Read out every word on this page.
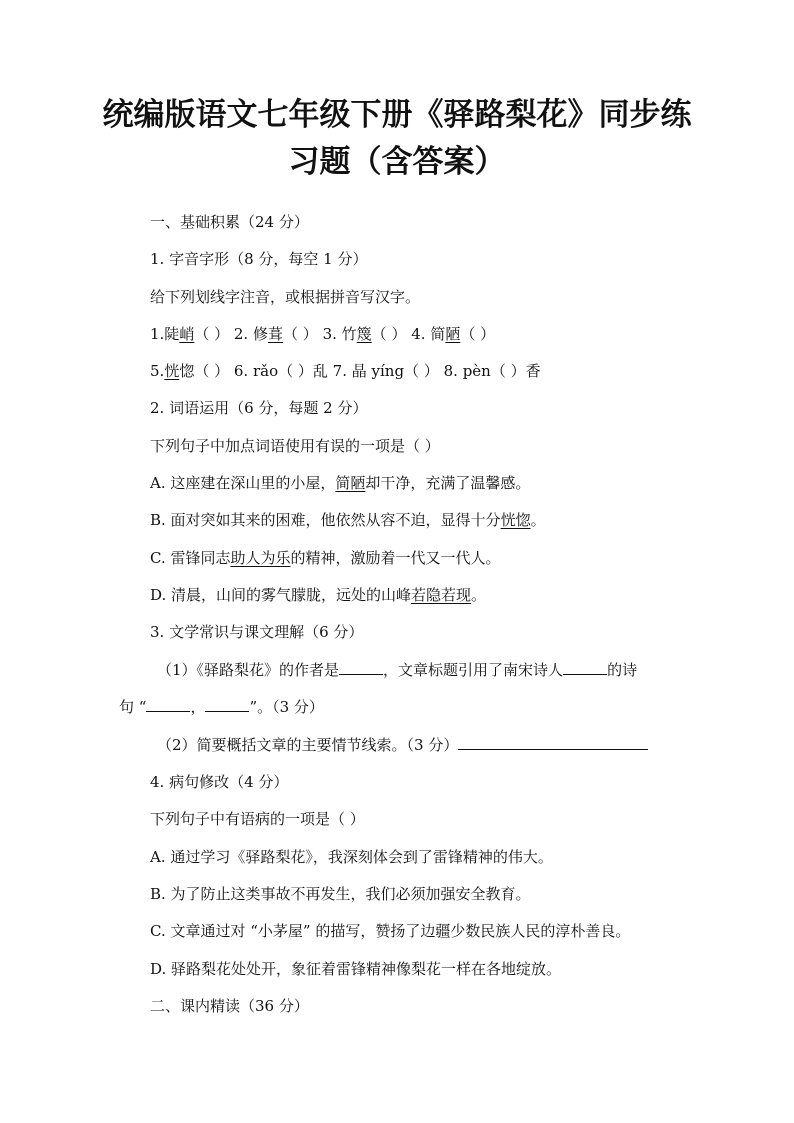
统编版语文七年级下册《驿路梨花》同步练习题（含答案）
一、基础积累（24 分）
1. 字音字形（8 分，每空 1 分）
给下列划线字注音，或根据拼音写汉字。
1.陡峭（ ） 2. 修葺（ ） 3. 竹篾（ ） 4. 简陋（ ）
5.恍惚（ ） 6. rǎo（ ）乱 7. 晶 yíng（ ） 8. pèn（ ）香
2. 词语运用（6 分，每题 2 分）
下列句子中加点词语使用有误的一项是（ ）
A. 这座建在深山里的小屋，简陋却干净，充满了温馨感。
B. 面对突如其来的困难，他依然从容不迫，显得十分恍惚。
C. 雷锋同志助人为乐的精神，激励着一代又一代人。
D. 清晨，山间的雾气朦胧，远处的山峰若隐若现。
3. 文学常识与课文理解（6 分）
（1）《驿路梨花》的作者是	，文章标题引用了南宋诗人	的诗
句 “	，	”。（3 分）
（2）简要概括文章的主要情节线索。（3 分）
4. 病句修改（4 分）
下列句子中有语病的一项是（ ）
A. 通过学习《驿路梨花》，我深刻体会到了雷锋精神的伟大。
B. 为了防止这类事故不再发生，我们必须加强安全教育。
C. 文章通过对 “小茅屋” 的描写，赞扬了边疆少数民族人民的淳朴善良。
D. 驿路梨花处处开，象征着雷锋精神像梨花一样在各地绽放。
二、课内精读（36 分）
